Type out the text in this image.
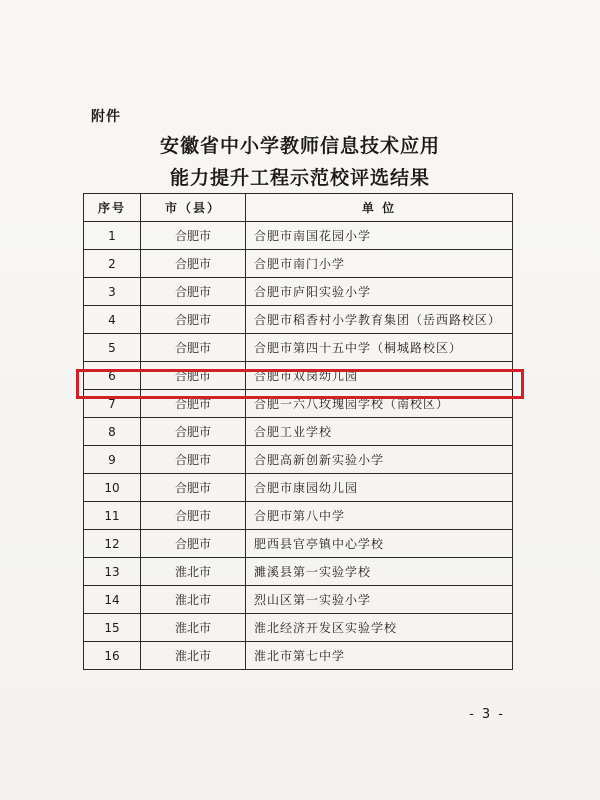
附件
安徽省中小学教师信息技术应用
能力提升工程示范校评选结果
序号	市（县）	单 位
1	合肥市	合肥市南国花园小学
2	合肥市	合肥市南门小学
3	合肥市	合肥市庐阳实验小学
4	合肥市	合肥市稻香村小学教育集团（岳西路校区）
5	合肥市	合肥市第四十五中学（桐城路校区）
6	合肥市	合肥市双岗幼儿园
7	合肥市	合肥一六八玫瑰园学校（南校区）
8	合肥市	合肥工业学校
9	合肥市	合肥高新创新实验小学
10	合肥市	合肥市康园幼儿园
11	合肥市	合肥市第八中学
12	合肥市	肥西县官亭镇中心学校
13	淮北市	濉溪县第一实验学校
14	淮北市	烈山区第一实验小学
15	淮北市	淮北经济开发区实验学校
16	淮北市	淮北市第七中学
- 3 -
